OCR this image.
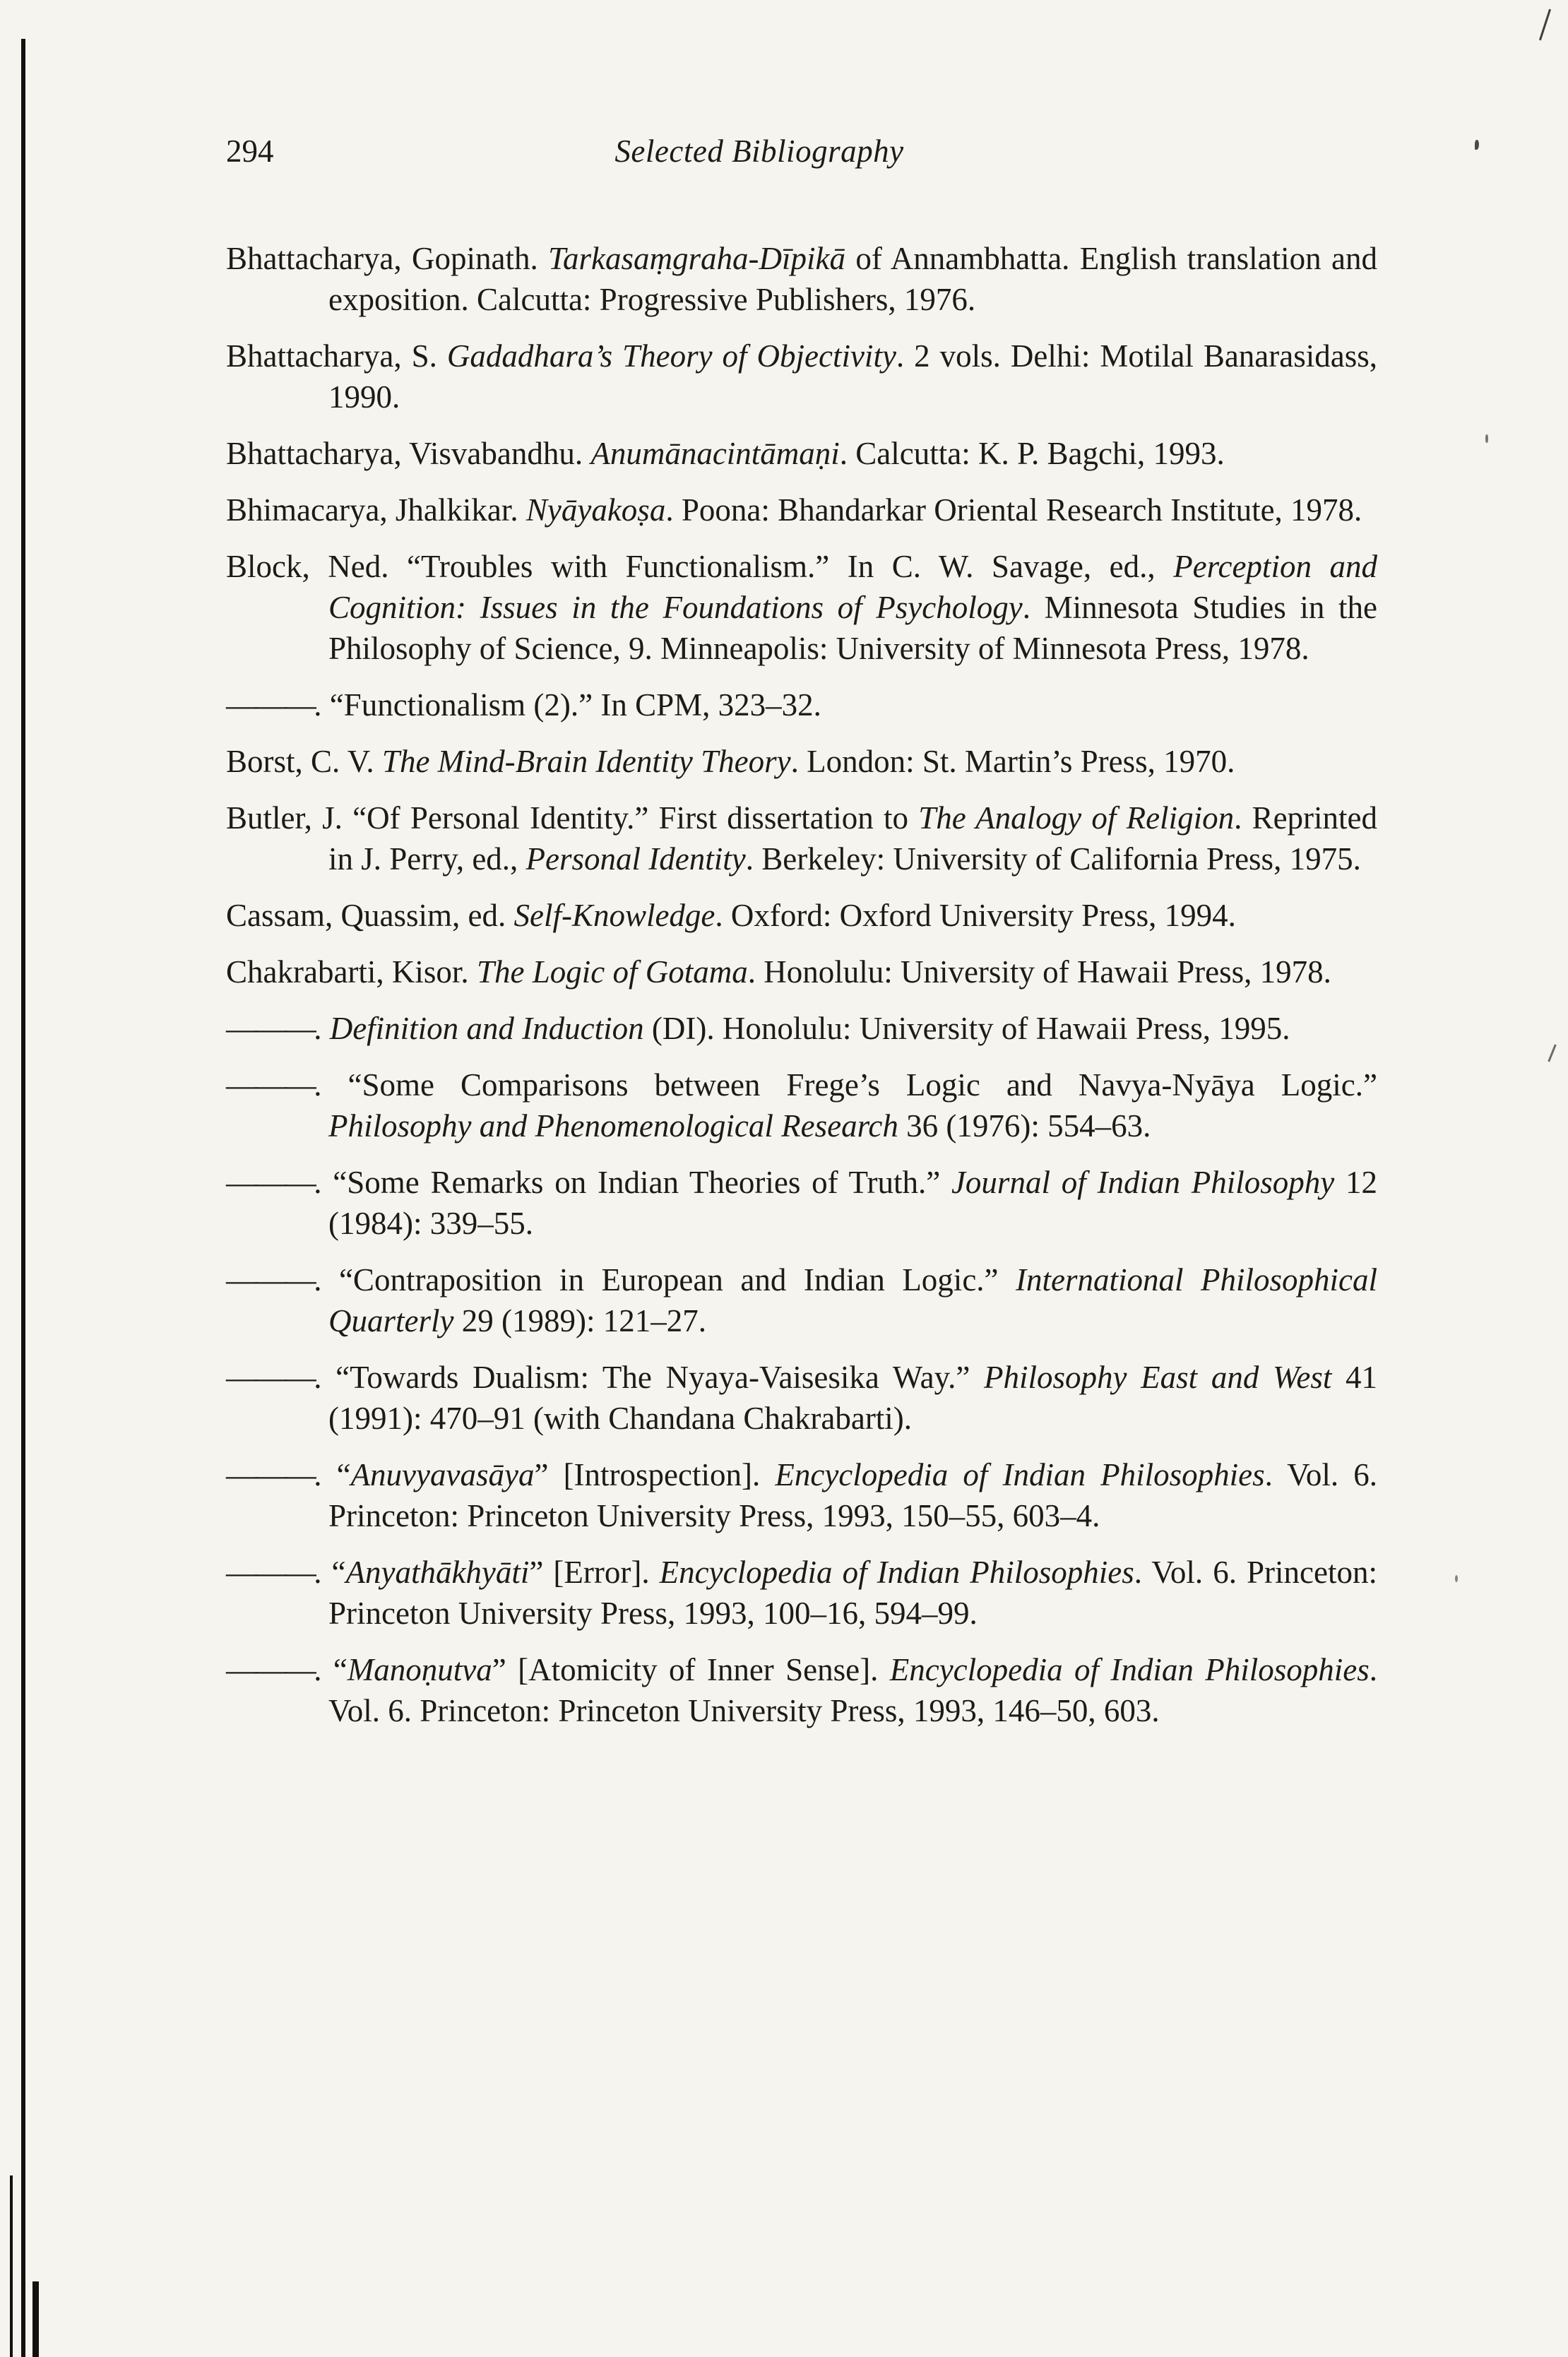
294	Selected Bibliography

Bhattacharya, Gopinath. Tarkasaṃgraha-Dīpikā of Annambhatta. English translation and exposition. Calcutta: Progressive Publishers, 1976.

Bhattacharya, S. Gadadhara’s Theory of Objectivity. 2 vols. Delhi: Motilal Banarasidass, 1990.

Bhattacharya, Visvabandhu. Anumānacintāmaṇi. Calcutta: K. P. Bagchi, 1993.

Bhimacarya, Jhalkikar. Nyāyakoṣa. Poona: Bhandarkar Oriental Research Institute, 1978.

Block, Ned. “Troubles with Functionalism.” In C. W. Savage, ed., Perception and Cognition: Issues in the Foundations of Psychology. Minnesota Studies in the Philosophy of Science, 9. Minneapolis: University of Minnesota Press, 1978.

———. “Functionalism (2).” In CPM, 323–32.

Borst, C. V. The Mind-Brain Identity Theory. London: St. Martin’s Press, 1970.

Butler, J. “Of Personal Identity.” First dissertation to The Analogy of Religion. Reprinted in J. Perry, ed., Personal Identity. Berkeley: University of California Press, 1975.

Cassam, Quassim, ed. Self-Knowledge. Oxford: Oxford University Press, 1994.

Chakrabarti, Kisor. The Logic of Gotama. Honolulu: University of Hawaii Press, 1978.

———. Definition and Induction (DI). Honolulu: University of Hawaii Press, 1995.

———. “Some Comparisons between Frege’s Logic and Navya-Nyāya Logic.” Philosophy and Phenomenological Research 36 (1976): 554–63.

———. “Some Remarks on Indian Theories of Truth.” Journal of Indian Philosophy 12 (1984): 339–55.

———. “Contraposition in European and Indian Logic.” International Philosophical Quarterly 29 (1989): 121–27.

———. “Towards Dualism: The Nyaya-Vaisesika Way.” Philosophy East and West 41 (1991): 470–91 (with Chandana Chakrabarti).

———. “Anuvyavasāya” [Introspection]. Encyclopedia of Indian Philosophies. Vol. 6. Princeton: Princeton University Press, 1993, 150–55, 603–4.

———. “Anyathākhyāti” [Error]. Encyclopedia of Indian Philosophies. Vol. 6. Princeton: Princeton University Press, 1993, 100–16, 594–99.

———. “Manoṇutva” [Atomicity of Inner Sense]. Encyclopedia of Indian Philosophies. Vol. 6. Princeton: Princeton University Press, 1993, 146–50, 603.
